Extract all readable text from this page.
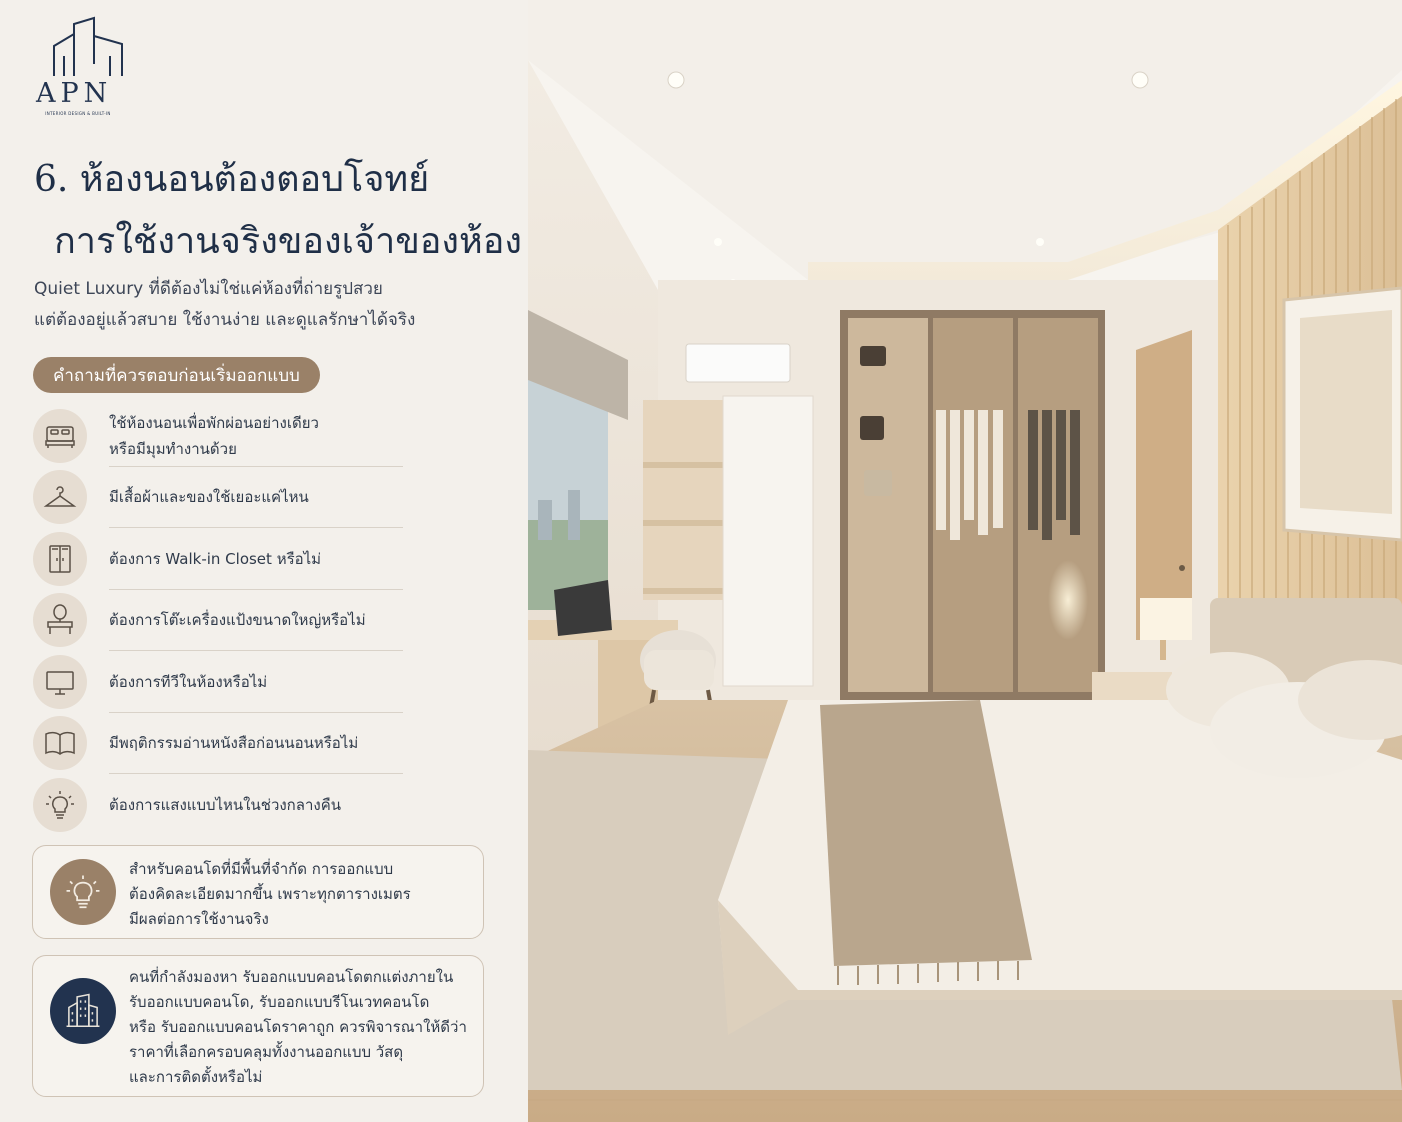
APN
INTERIOR DESIGN & BUILT-IN
6. ห้องนอนต้องตอบโจทย์
การใช้งานจริงของเจ้าของห้อง
Quiet Luxury ที่ดีต้องไม่ใช่แค่ห้องที่ถ่ายรูปสวย
แต่ต้องอยู่แล้วสบาย ใช้งานง่าย และดูแลรักษาได้จริง
คำถามที่ควรตอบก่อนเริ่มออกแบบ
ใช้ห้องนอนเพื่อพักผ่อนอย่างเดียว
หรือมีมุมทำงานด้วย
มีเสื้อผ้าและของใช้เยอะแค่ไหน
ต้องการ Walk-in Closet หรือไม่
ต้องการโต๊ะเครื่องแป้งขนาดใหญ่หรือไม่
ต้องการทีวีในห้องหรือไม่
มีพฤติกรรมอ่านหนังสือก่อนนอนหรือไม่
ต้องการแสงแบบไหนในช่วงกลางคืน
สำหรับคอนโดที่มีพื้นที่จำกัด การออกแบบ
ต้องคิดละเอียดมากขึ้น เพราะทุกตารางเมตร
มีผลต่อการใช้งานจริง
คนที่กำลังมองหา รับออกแบบคอนโดตกแต่งภายใน
รับออกแบบคอนโด, รับออกแบบรีโนเวทคอนโด
หรือ รับออกแบบคอนโดราคาถูก ควรพิจารณาให้ดีว่า
ราคาที่เลือกครอบคลุมทั้งงานออกแบบ วัสดุ
และการติดตั้งหรือไม่
